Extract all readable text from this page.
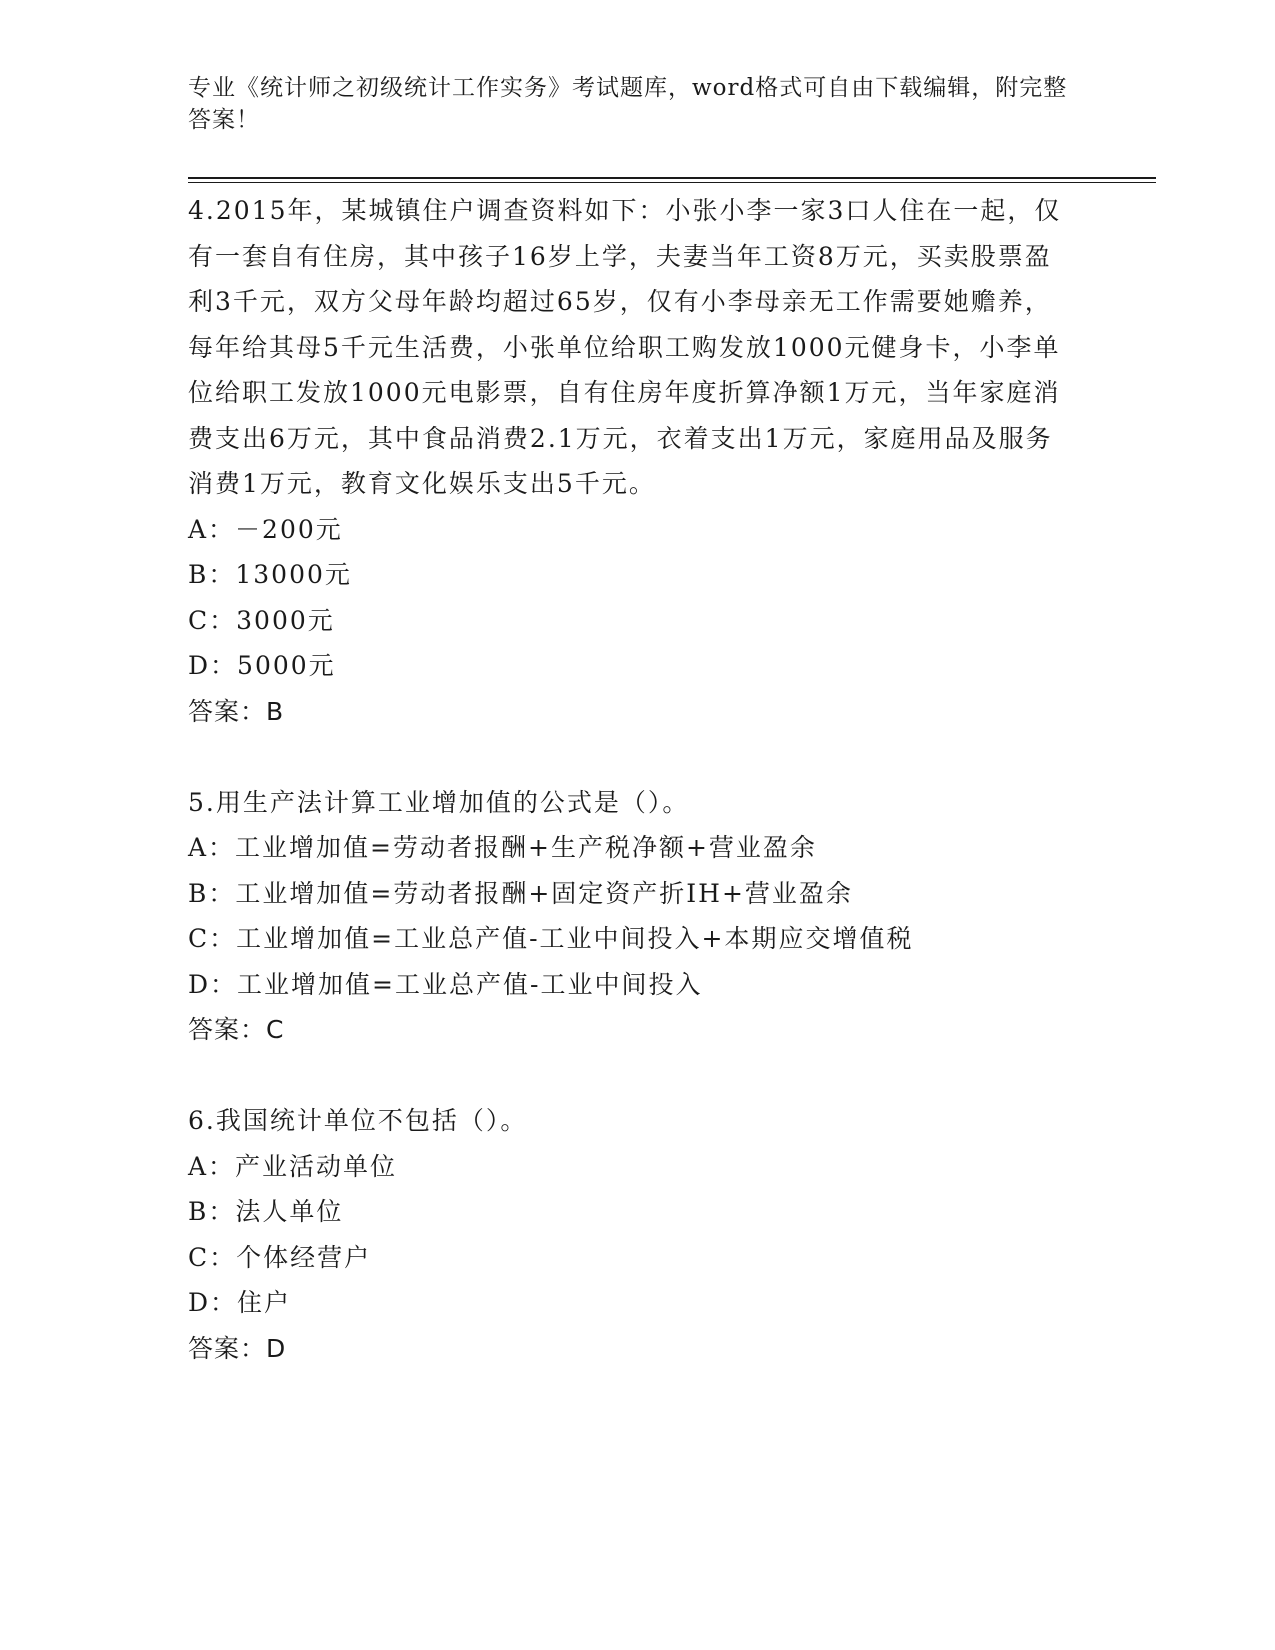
专业《统计师之初级统计工作实务》考试题库，word格式可自由下载编辑，附完整答案！

4.2015年，某城镇住户调查资料如下：小张小李一家3口人住在一起，仅有一套自有住房，其中孩子16岁上学，夫妻当年工资8万元，买卖股票盈利3千元，双方父母年龄均超过65岁，仅有小李母亲无工作需要她赡养，每年给其母5千元生活费，小张单位给职工购发放1000元健身卡，小李单位给职工发放1000元电影票，自有住房年度折算净额1万元，当年家庭消费支出6万元，其中食品消费2.1万元，衣着支出1万元，家庭用品及服务消费1万元，教育文化娱乐支出5千元。

A：－200元

B：13000元

C：3000元

D：5000元

答案：B

5.用生产法计算工业增加值的公式是（）。

A：工业增加值=劳动者报酬+生产税净额+营业盈余

B：工业增加值=劳动者报酬+固定资产折IH+营业盈余

C：工业增加值=工业总产值-工业中间投入+本期应交增值税

D：工业增加值=工业总产值-工业中间投入

答案：C

6.我国统计单位不包括（）。

A：产业活动单位

B：法人单位

C：个体经营户

D：住户

答案：D
